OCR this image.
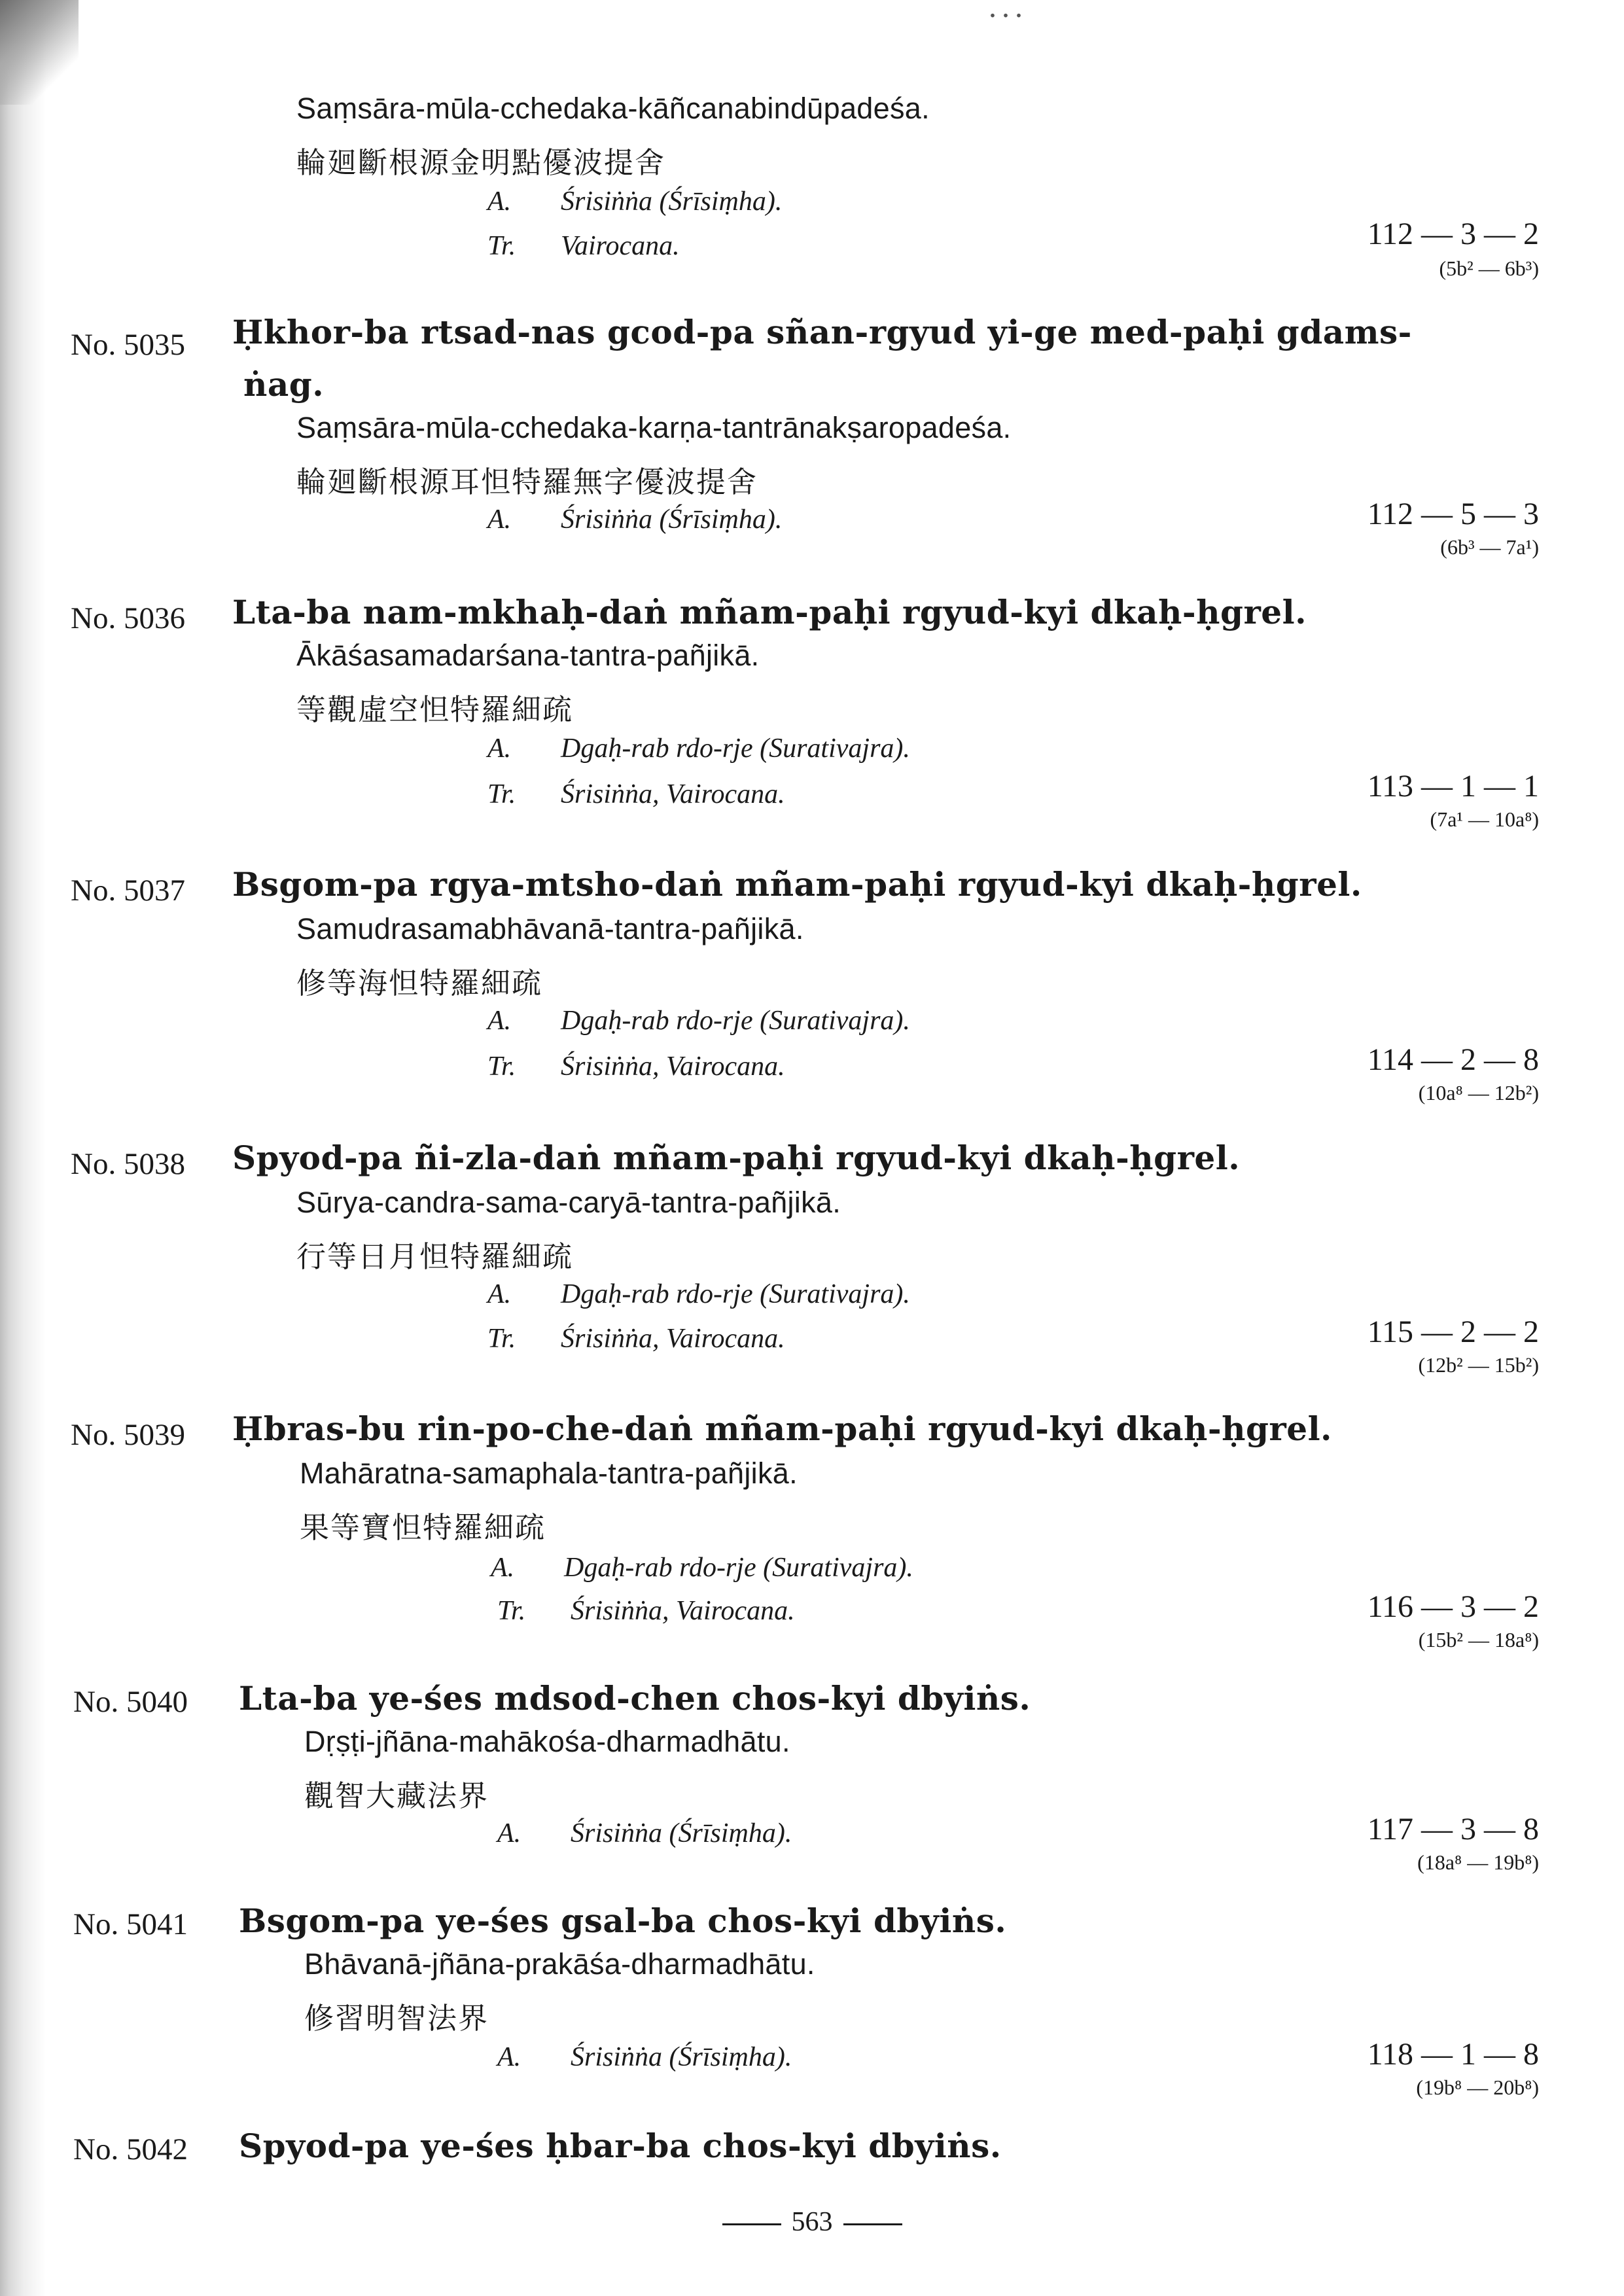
...
Saṃsāra-mūla-cchedaka-kāñcanabindūpadeśa.
輪廻斷根源金明點優波提舍
A. Śrisiṅṅa (Śrīsiṃha).
Tr. Vairocana.	112 — 3 — 2
(5b² — 6b³)
No. 5035 Ḥkhor-ba rtsad-nas gcod-pa sñan-rgyud yi-ge med-paḥi gdams-
ṅag.
Saṃsāra-mūla-cchedaka-karṇa-tantrānakṣaropadeśa.
輪廻斷根源耳怛特羅無字優波提舍
A. Śrisiṅṅa (Śrīsiṃha).	112 — 5 — 3
(6b³ — 7a¹)
No. 5036 Lta-ba nam-mkhaḥ-daṅ mñam-paḥi rgyud-kyi dkaḥ-ḥgrel.
Ākāśasamadarśana-tantra-pañjikā.
等觀虛空怛特羅細疏
A. Dgaḥ-rab rdo-rje (Surativajra).
Tr. Śrisiṅṅa, Vairocana.	113 — 1 — 1
(7a¹ — 10a⁸)
No. 5037 Bsgom-pa rgya-mtsho-daṅ mñam-paḥi rgyud-kyi dkaḥ-ḥgrel.
Samudrasamabhāvanā-tantra-pañjikā.
修等海怛特羅細疏
A. Dgaḥ-rab rdo-rje (Surativajra).
Tr. Śrisiṅṅa, Vairocana.	114 — 2 — 8
(10a⁸ — 12b²)
No. 5038 Spyod-pa ñi-zla-daṅ mñam-paḥi rgyud-kyi dkaḥ-ḥgrel.
Sūrya-candra-sama-caryā-tantra-pañjikā.
行等日月怛特羅細疏
A. Dgaḥ-rab rdo-rje (Surativajra).
Tr. Śrisiṅṅa, Vairocana.	115 — 2 — 2
(12b² — 15b²)
No. 5039 Ḥbras-bu rin-po-che-daṅ mñam-paḥi rgyud-kyi dkaḥ-ḥgrel.
Mahāratna-samaphala-tantra-pañjikā.
果等寶怛特羅細疏
A. Dgaḥ-rab rdo-rje (Surativajra).
Tr. Śrisiṅṅa, Vairocana.	116 — 3 — 2
(15b² — 18a⁸)
No. 5040 Lta-ba ye-śes mdsod-chen chos-kyi dbyiṅs.
Dṛṣṭi-jñāna-mahākośa-dharmadhātu.
觀智大藏法界
A. Śrisiṅṅa (Śrīsiṃha).	117 — 3 — 8
(18a⁸ — 19b⁸)
No. 5041 Bsgom-pa ye-śes gsal-ba chos-kyi dbyiṅs.
Bhāvanā-jñāna-prakāśa-dharmadhātu.
修習明智法界
A. Śrisiṅṅa (Śrīsiṃha).	118 — 1 — 8
(19b⁸ — 20b⁸)
No. 5042 Spyod-pa ye-śes ḥbar-ba chos-kyi dbyiṅs.
563
